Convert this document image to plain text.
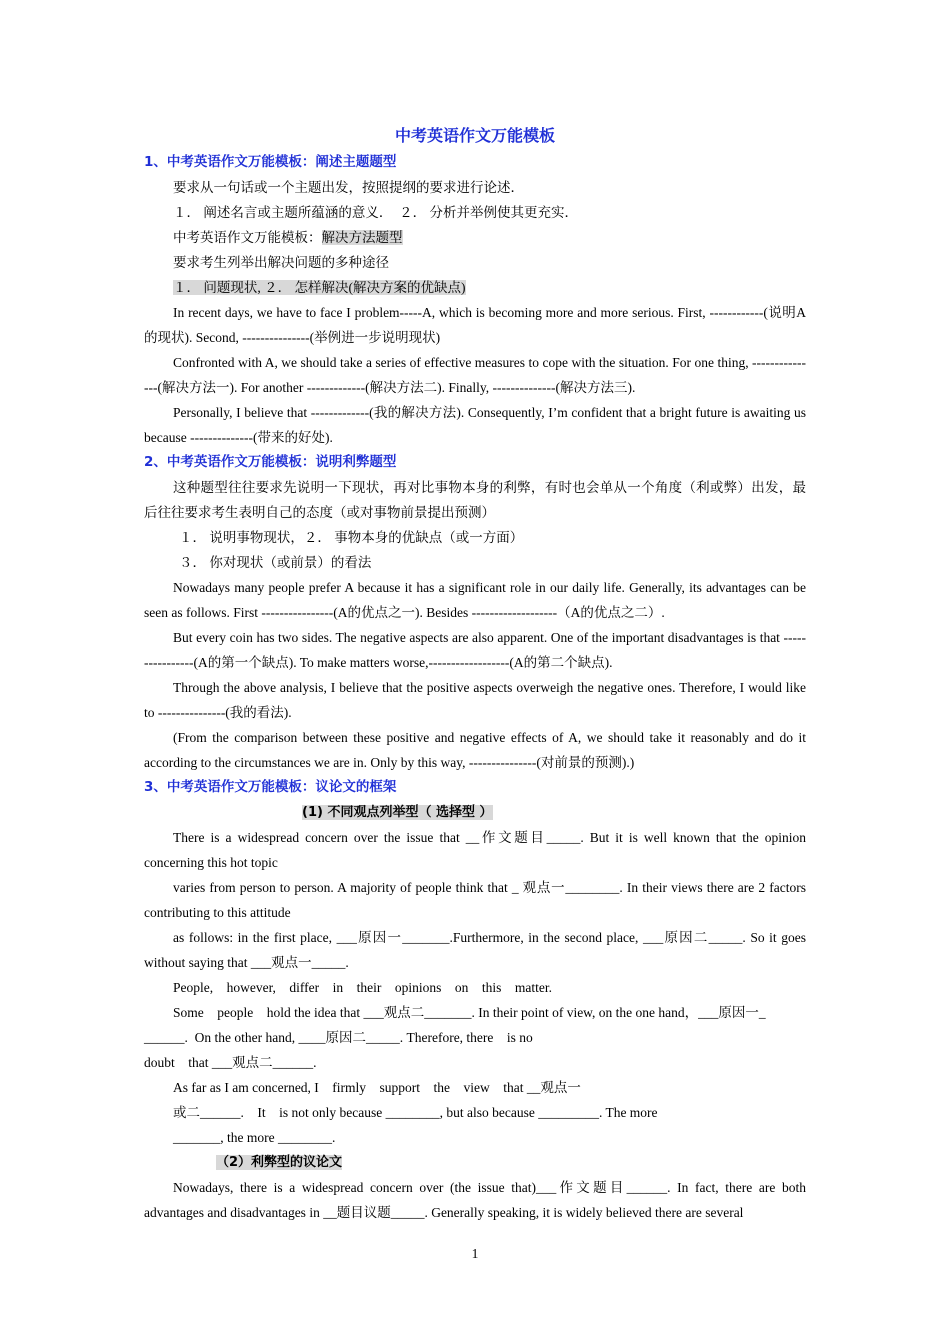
中考英语作文万能模板
1、中考英语作文万能模板：阐述主题题型
要求从一句话或一个主题出发，按照提纲的要求进行论述．
１． 阐述名言或主题所蕴涵的意义．　２． 分析并举例使其更充实．
中考英语作文万能模板：解决方法题型
要求考生列举出解决问题的多种途径
１． 问题现状, ２． 怎样解决(解决方案的优缺点)
In recent days, we have to face I problem-----A, which is becoming more and more serious. First, ------------(说明A的现状). Second, ---------------(举例进一步说明现状)
Confronted with A, we should take a series of effective measures to cope with the situation. For one thing, ---------------(解决方法一). For another -------------(解决方法二). Finally, --------------(解决方法三).
Personally, I believe that -------------(我的解决方法). Consequently, I’m confident that a bright future is awaiting us because --------------(带来的好处).
2、中考英语作文万能模板：说明利弊题型
这种题型往往要求先说明一下现状，再对比事物本身的利弊，有时也会单从一个角度（利或弊）出发，最后往往要求考生表明自己的态度（或对事物前景提出预测）
１． 说明事物现状，２． 事物本身的优缺点（或一方面）
３． 你对现状（或前景）的看法
Nowadays many people prefer A because it has a significant role in our daily life. Generally, its advantages can be seen as follows. First ----------------(A的优点之一). Besides -------------------（A的优点之二）.
But every coin has two sides. The negative aspects are also apparent. One of the important disadvantages is that ----------------(A的第一个缺点). To make matters worse,------------------(A的第二个缺点).
Through the above analysis, I believe that the positive aspects overweigh the negative ones. Therefore, I would like to ---------------(我的看法).
(From the comparison between these positive and negative effects of A, we should take it reasonably and do it according to the circumstances we are in. Only by this way, ---------------(对前景的预测).)
3、中考英语作文万能模板：议论文的框架
(1) 不同观点列举型（ 选择型 ）
There is a widespread concern over the issue that __作文题目_____. But it is well known that the opinion concerning this hot topic
varies from person to person. A majority of people think that _ 观点一________. In their views there are 2 factors contributing to this attitude
as follows: in the first place, ___原因一_______.Furthermore, in the second place, ___原因二_____. So it goes without saying that ___观点一_____.
People,　however,　differ　in　their　opinions　on　this　matter.
Some　people　hold the idea that ___观点二_______. In their point of view, on the one hand，___原因一_
______.  On the other hand, ____原因二_____. Therefore, there　is no
doubt　that ___观点二______.
As far as I am concerned, I　firmly　support　the　view　that __观点一
或二______.　It　is not only because ________, but also because _________. The more
_______, the more ________.
（2）利弊型的议论文
Nowadays, there is a widespread concern over (the issue that)___作文题目______. In fact, there are both advantages and disadvantages in __题目议题_____. Generally speaking, it is widely believed there are several
1
